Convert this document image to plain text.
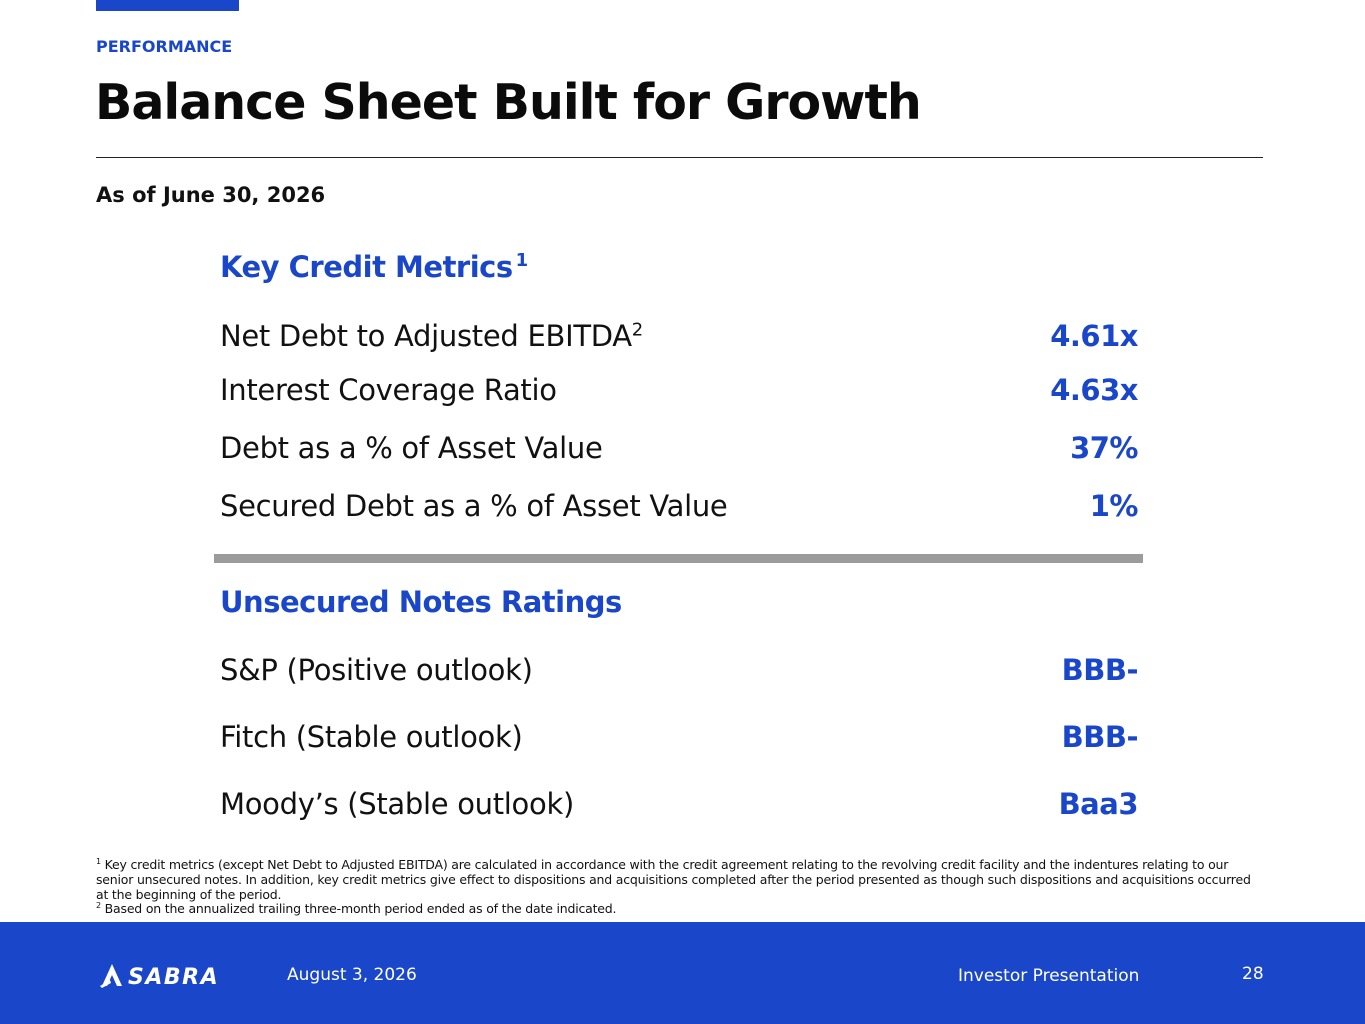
PERFORMANCE
Balance Sheet Built for Growth
As of June 30, 2026
Key Credit Metrics $^1$
Net Debt to Adjusted EBITDA$^2$	4.61x
Interest Coverage Ratio	4.63x
Debt as a % of Asset Value	37%
Secured Debt as a % of Asset Value	1%
Unsecured Notes Ratings
S&P (Positive outlook)	BBB-
Fitch (Stable outlook)	BBB-
Moody’s (Stable outlook)	Baa3

$^1$ Key credit metrics (except Net Debt to Adjusted EBITDA) are calculated in accordance with the credit agreement relating to the revolving credit facility and the indentures relating to our senior unsecured notes. In addition, key credit metrics give effect to dispositions and acquisitions completed after the period presented as though such dispositions and acquisitions occurred at the beginning of the period.

$^2$ Based on the annualized trailing three-month period ended as of the date indicated.

SABRA	August 3, 2026	Investor Presentation	28
